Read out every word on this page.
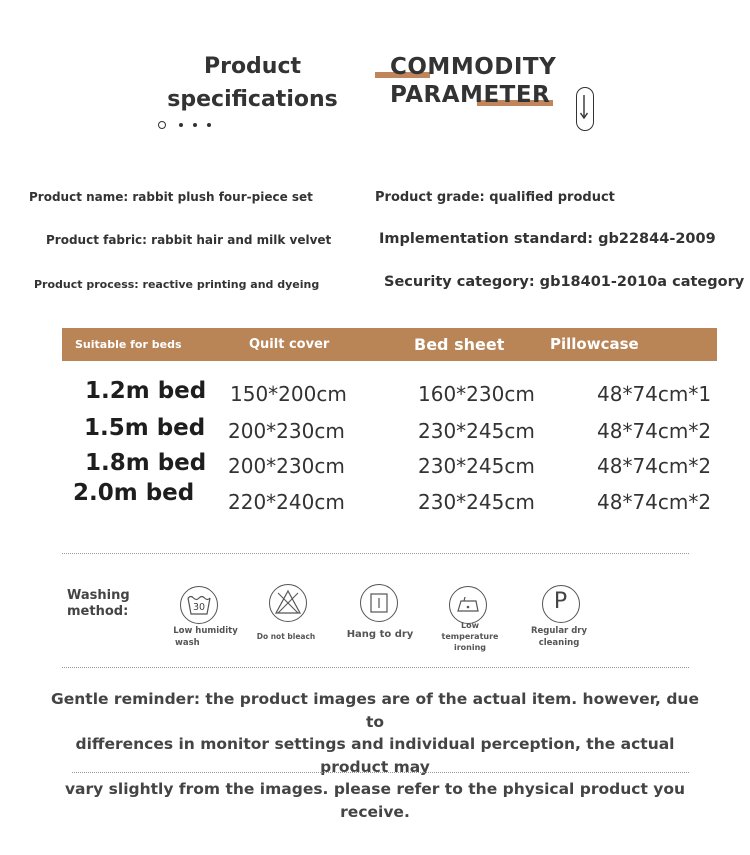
Product
specifications
COMMODITY
PARAMETER
Product name: rabbit plush four-piece set	Product grade: qualified product
Product fabric: rabbit hair and milk velvet	Implementation standard: gb22844-2009
Product process: reactive printing and dyeing	Security category: gb18401-2010a category
Suitable for beds	Quilt cover	Bed sheet	Pillowcase
1.2m bed 150*200cm	160*230cm	48*74cm*1
1.5m bed 200*230cm	230*245cm	48*74cm*2
1.8m bed 200*230cm	230*245cm	48*74cm*2
2.0m bed 220*240cm	230*245cm	48*74cm*2
Washing
method:	30
Low humidity
wash
Do not bleach	Hang to dry
Low
temperature
ironing
P
Regular dry
cleaning
Gentle reminder: the product images are of the actual item. however, due to
differences in monitor settings and individual perception, the actual product may
vary slightly from the images. please refer to the physical product you receive.
